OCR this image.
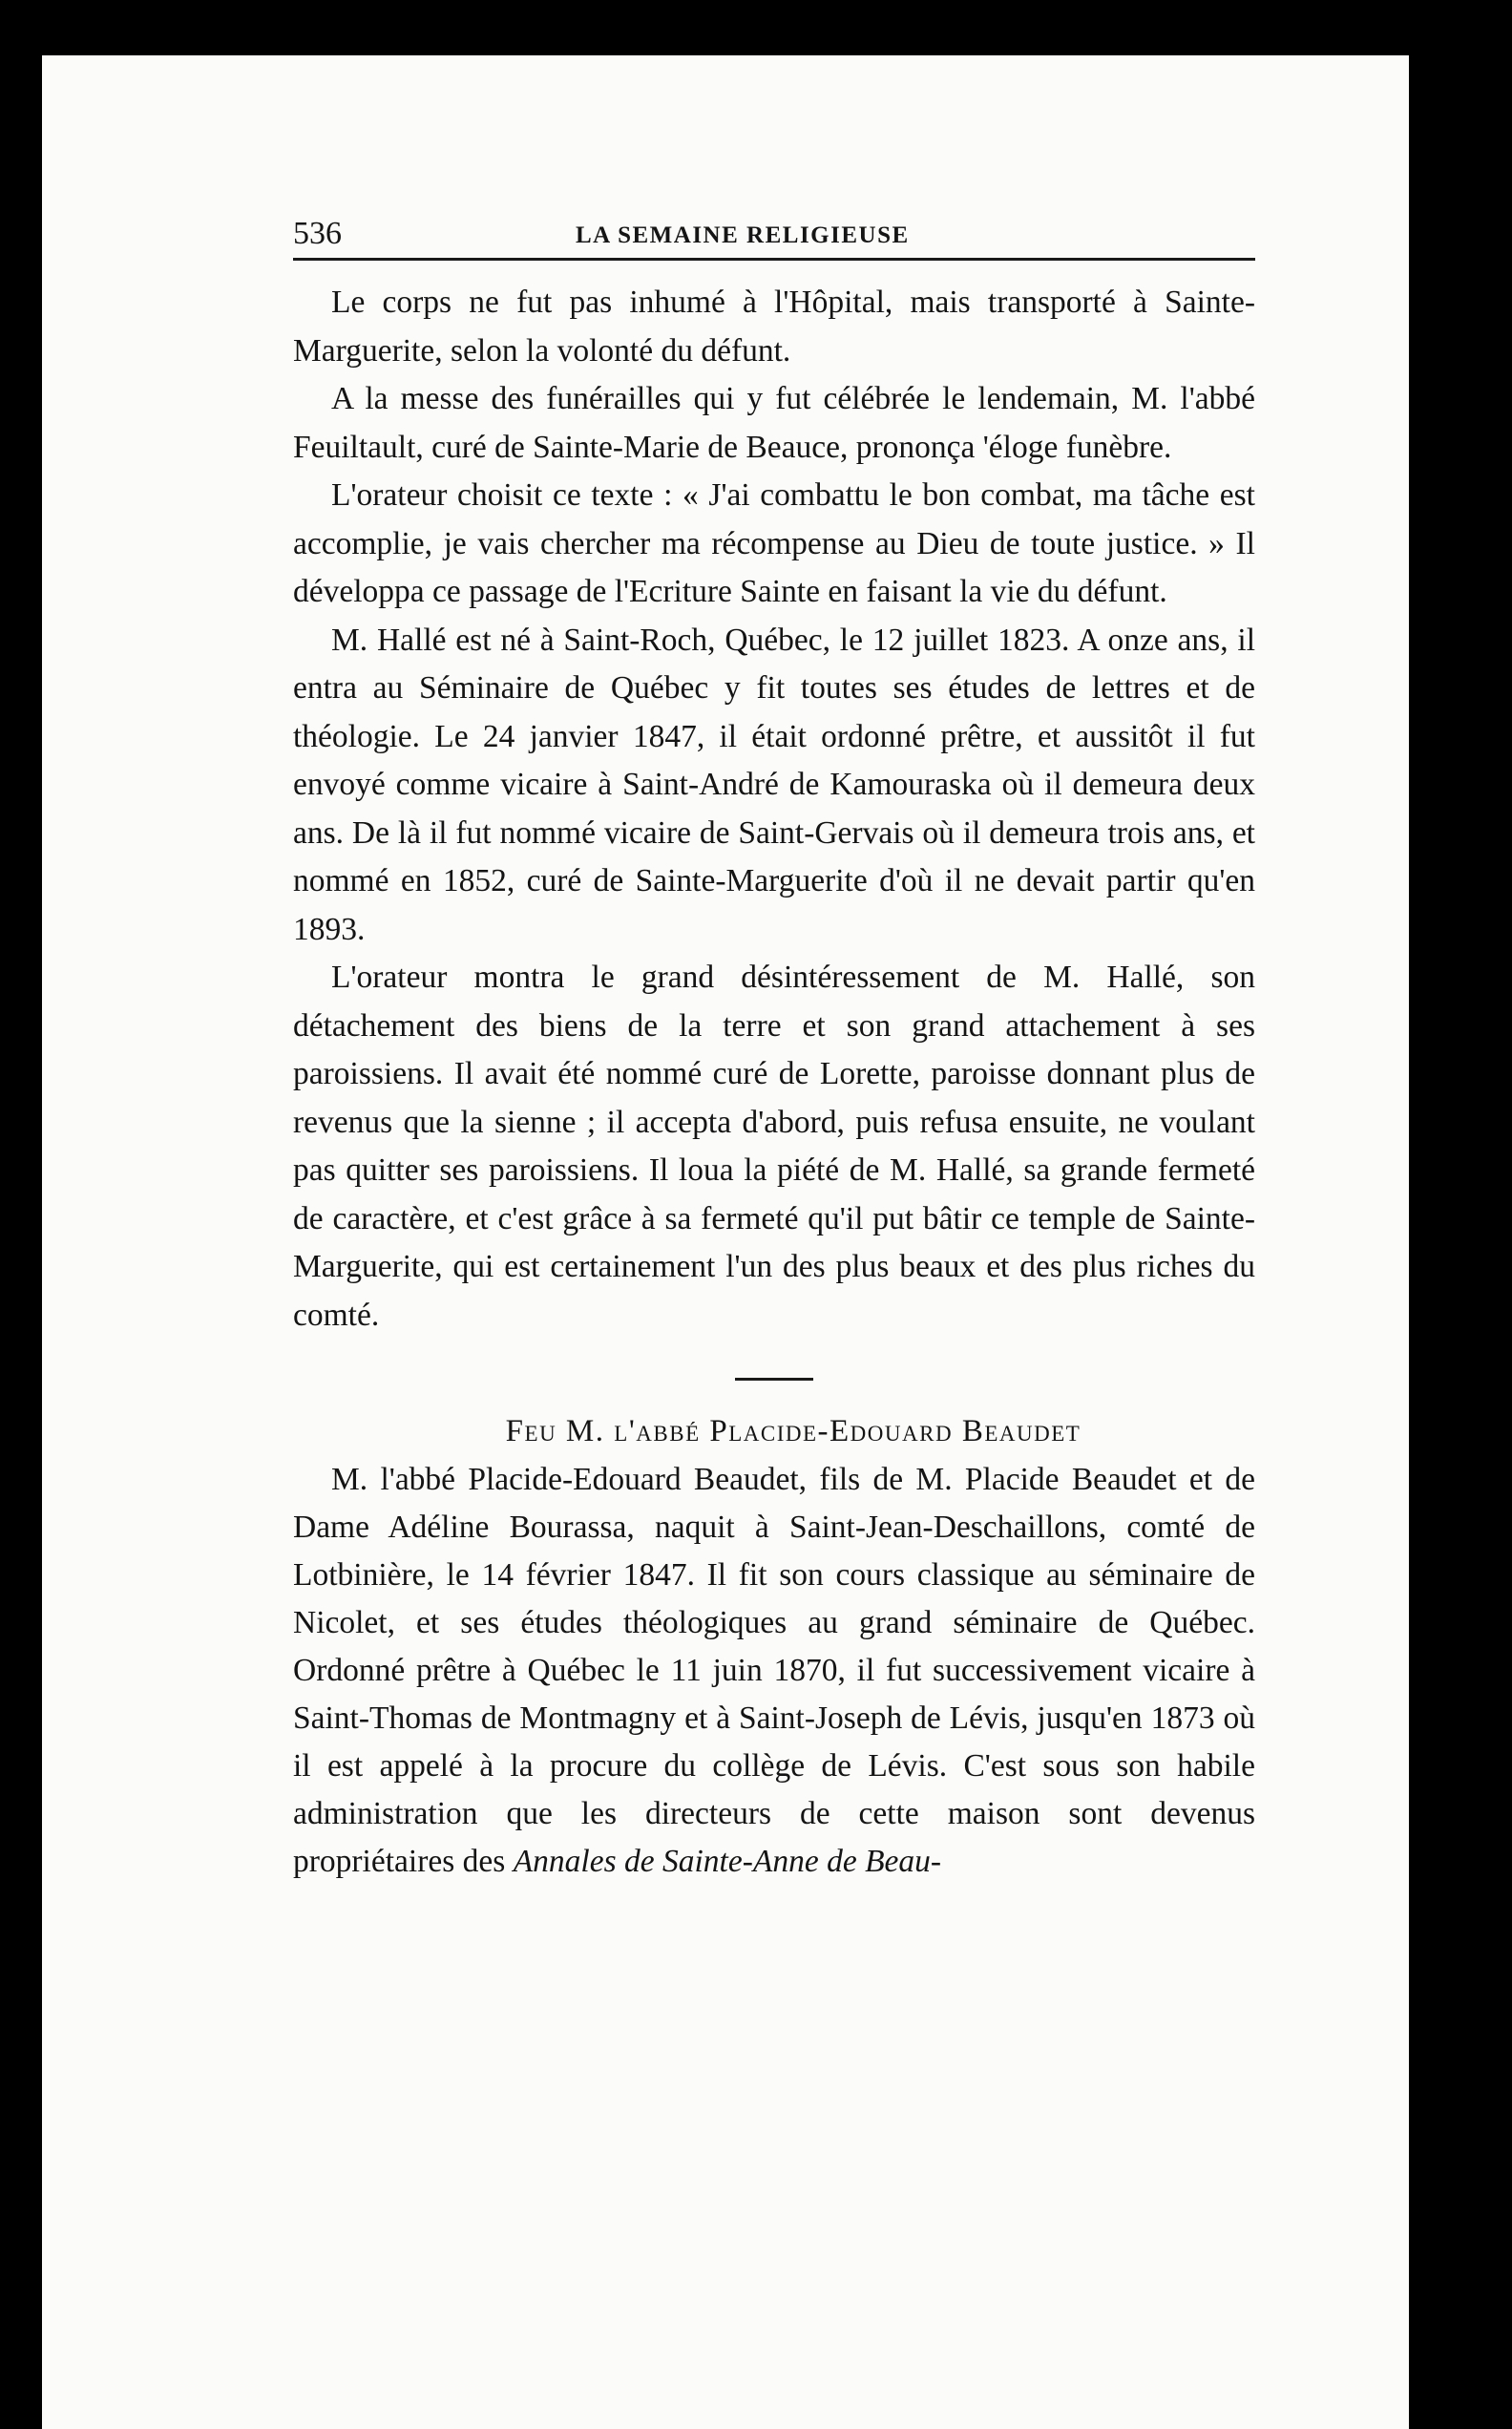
536	LA SEMAINE RELIGIEUSE

Le corps ne fut pas inhumé à l'Hôpital, mais transporté à Sainte-Marguerite, selon la volonté du défunt.

A la messe des funérailles qui y fut célébrée le lendemain, M. l'abbé Feuiltault, curé de Sainte-Marie de Beauce, prononça 'éloge funèbre.

L'orateur choisit ce texte : « J'ai combattu le bon combat, ma tâche est accomplie, je vais chercher ma récompense au Dieu de toute justice. » Il développa ce passage de l'Ecriture Sainte en faisant la vie du défunt.

M. Hallé est né à Saint-Roch, Québec, le 12 juillet 1823. A onze ans, il entra au Séminaire de Québec y fit toutes ses études de lettres et de théologie. Le 24 janvier 1847, il était ordonné prêtre, et aussitôt il fut envoyé comme vicaire à Saint-André de Kamouraska où il demeura deux ans. De là il fut nommé vicaire de Saint-Gervais où il demeura trois ans, et nommé en 1852, curé de Sainte-Marguerite d'où il ne devait partir qu'en 1893.

L'orateur montra le grand désintéressement de M. Hallé, son détachement des biens de la terre et son grand attachement à ses paroissiens. Il avait été nommé curé de Lorette, paroisse donnant plus de revenus que la sienne ; il accepta d'abord, puis refusa ensuite, ne voulant pas quitter ses paroissiens. Il loua la piété de M. Hallé, sa grande fermeté de caractère, et c'est grâce à sa fermeté qu'il put bâtir ce temple de Sainte-Marguerite, qui est certainement l'un des plus beaux et des plus riches du comté.

Feu M. l'abbé Placide-Edouard Beaudet

M. l'abbé Placide-Edouard Beaudet, fils de M. Placide Beaudet et de Dame Adéline Bourassa, naquit à Saint-Jean-Deschaillons, comté de Lotbinière, le 14 février 1847. Il fit son cours classique au séminaire de Nicolet, et ses études théologiques au grand séminaire de Québec. Ordonné prêtre à Québec le 11 juin 1870, il fut successivement vicaire à Saint-Thomas de Montmagny et à Saint-Joseph de Lévis, jusqu'en 1873 où il est appelé à la procure du collège de Lévis. C'est sous son habile administration que les directeurs de cette maison sont devenus propriétaires des Annales de Sainte-Anne de Beau-
